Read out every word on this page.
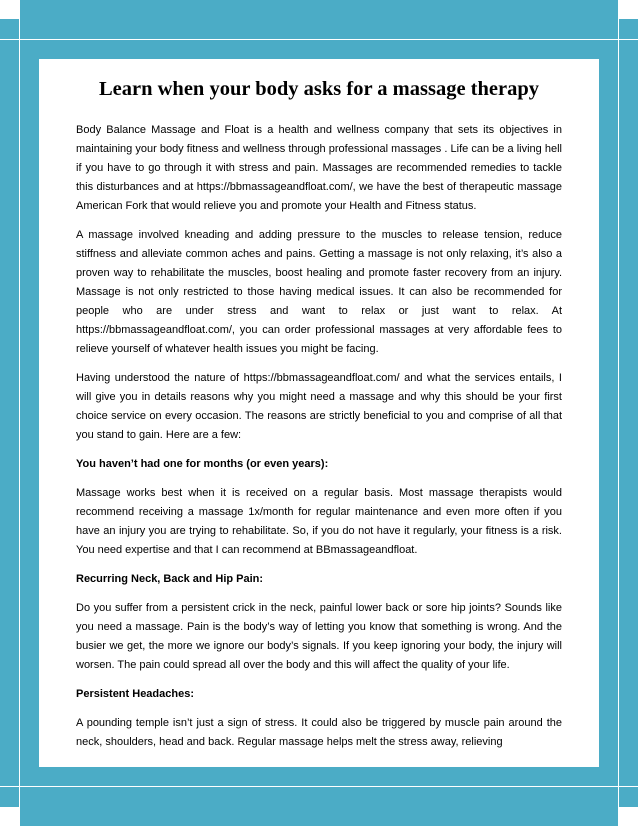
Learn when your body asks for a massage therapy

Body Balance Massage and Float is a health and wellness company that sets its objectives in maintaining your body fitness and wellness through professional massages . Life can be a living hell if you have to go through it with stress and pain. Massages are recommended remedies to tackle this disturbances and at https://bbmassageandfloat.com/, we have the best of therapeutic massage American Fork that would relieve you and promote your Health and Fitness status.

A massage involved kneading and adding pressure to the muscles to release tension, reduce stiffness and alleviate common aches and pains. Getting a massage is not only relaxing, it’s also a proven way to rehabilitate the muscles, boost healing and promote faster recovery from an injury. Massage is not only restricted to those having medical issues. It can also be recommended for people who are under stress and want to relax or just want to relax. At https://bbmassageandfloat.com/, you can order professional massages at very affordable fees to relieve yourself of whatever health issues you might be facing.

Having understood the nature of https://bbmassageandfloat.com/ and what the services entails, I will give you in details reasons why you might need a massage and why this should be your first choice service on every occasion. The reasons are strictly beneficial to you and comprise of all that you stand to gain. Here are a few:

You haven’t had one for months (or even years):

Massage works best when it is received on a regular basis. Most massage therapists would recommend receiving a massage 1x/month for regular maintenance and even more often if you have an injury you are trying to rehabilitate. So, if you do not have it regularly, your fitness is a risk. You need expertise and that I can recommend at BBmassageandfloat.

Recurring Neck, Back and Hip Pain:

Do you suffer from a persistent crick in the neck, painful lower back or sore hip joints? Sounds like you need a massage. Pain is the body’s way of letting you know that something is wrong. And the busier we get, the more we ignore our body’s signals. If you keep ignoring your body, the injury will worsen. The pain could spread all over the body and this will affect the quality of your life.

Persistent Headaches:

A pounding temple isn’t just a sign of stress. It could also be triggered by muscle pain around the neck, shoulders, head and back. Regular massage helps melt the stress away, relieving
